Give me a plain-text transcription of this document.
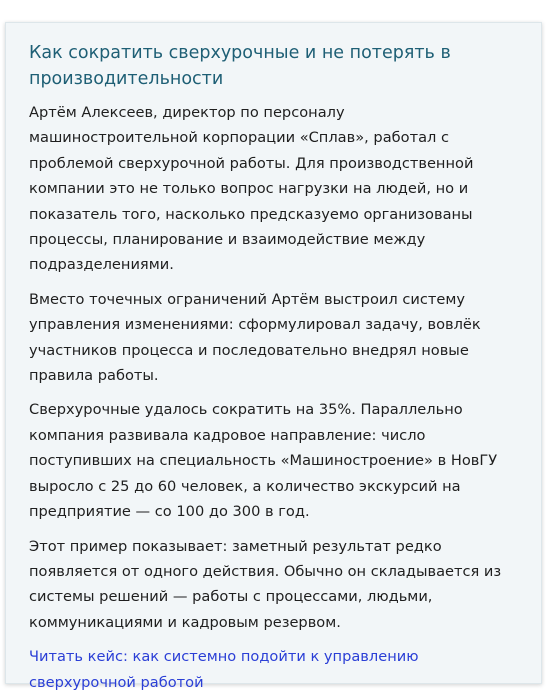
Как сократить сверхурочные и не потерять в производительности

Артём Алексеев, директор по персоналу машиностроительной корпорации «Сплав», работал с проблемой сверхурочной работы. Для производственной компании это не только вопрос нагрузки на людей, но и показатель того, насколько предсказуемо организованы процессы, планирование и взаимодействие между подразделениями.

Вместо точечных ограничений Артём выстроил систему управления изменениями: сформулировал задачу, вовлёк участников процесса и последовательно внедрял новые правила работы.

Сверхурочные удалось сократить на 35%. Параллельно компания развивала кадровое направление: число поступивших на специальность «Машиностроение» в НовГУ выросло с 25 до 60 человек, а количество экскурсий на предприятие — со 100 до 300 в год.

Этот пример показывает: заметный результат редко появляется от одного действия. Обычно он складывается из системы решений — работы с процессами, людьми, коммуникациями и кадровым резервом.

Читать кейс: как системно подойти к управлению сверхурочной работой
